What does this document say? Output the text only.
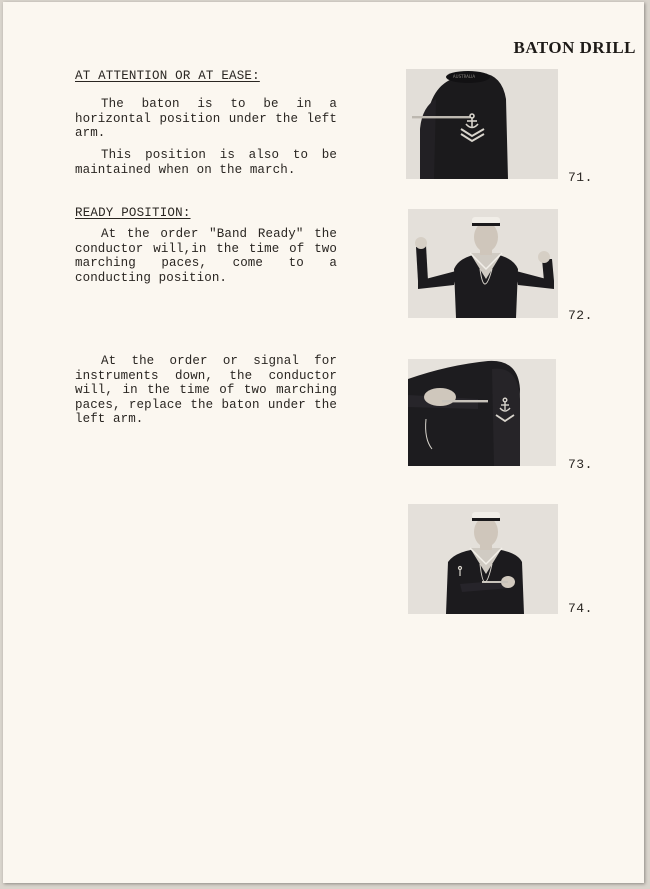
BATON DRILL
AT ATTENTION OR AT EASE:
The baton is to be in a horizontal position under the left arm.
This position is also to be maintained when on the march.
READY POSITION:
At the order "Band Ready" the conductor will,in the time of two marching paces, come to a conducting position.
At the order or signal for instruments down, the conductor will, in the time of two marching paces, replace the baton under the left arm.
AUSTRALIA
71.
72.
73.
74.
